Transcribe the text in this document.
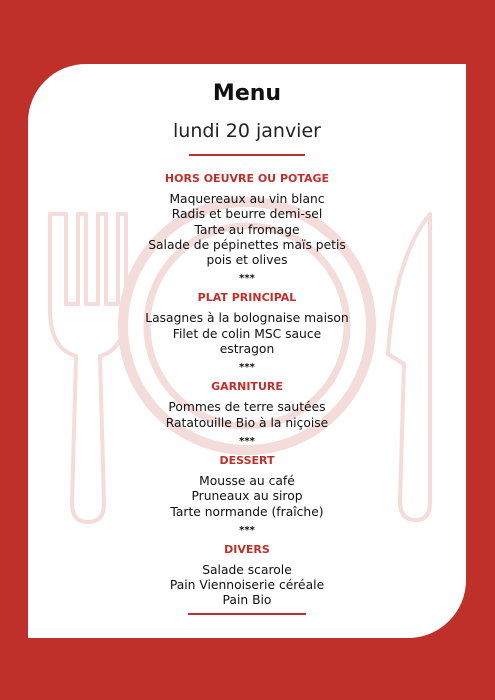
Menu
lundi 20 janvier
HORS OEUVRE OU POTAGE
Maquereaux au vin blanc
Radis et beurre demi-sel
Tarte au fromage
Salade de pépinettes maïs petis
pois et olives
***
PLAT PRINCIPAL
Lasagnes à la bolognaise maison
Filet de colin MSC sauce
estragon
***
GARNITURE
Pommes de terre sautées
Ratatouille Bio à la niçoise
***
DESSERT
Mousse au café
Pruneaux au sirop
Tarte normande (fraîche)
***
DIVERS
Salade scarole
Pain Viennoiserie céréale
Pain Bio
